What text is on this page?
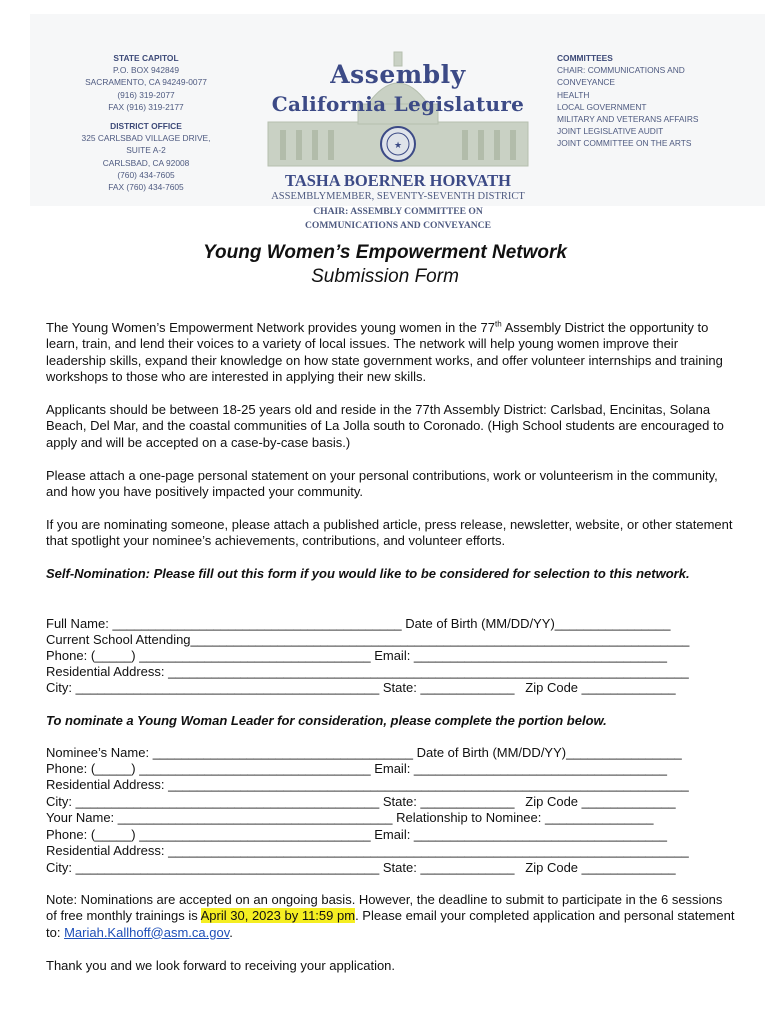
STATE CAPITOL
P.O. BOX 942849
SACRAMENTO, CA 94249-0077
(916) 319-2077
FAX (916) 319-2177
DISTRICT OFFICE
325 CARLSBAD VILLAGE DRIVE,
SUITE A-2
CARLSBAD, CA 92008
(760) 434-7605
FAX (760) 434-7605
★
Assembly
California Legislature
TASHA BOERNER HORVATH
ASSEMBLYMEMBER, SEVENTY-SEVENTH DISTRICT
CHAIR: ASSEMBLY COMMITTEE ON
COMMUNICATIONS AND CONVEYANCE
COMMITTEES
CHAIR: COMMUNICATIONS AND
CONVEYANCE
HEALTH
LOCAL GOVERNMENT
MILITARY AND VETERANS AFFAIRS
JOINT LEGISLATIVE AUDIT
JOINT COMMITTEE ON THE ARTS
Young Women’s Empowerment Network
Submission Form
The Young Women’s Empowerment Network provides young women in the 77th Assembly District the opportunity to learn, train, and lend their voices to a variety of local issues. The network will help young women improve their leadership skills, expand their knowledge on how state government works, and offer volunteer internships and training workshops to those who are interested in applying their new skills.
Applicants should be between 18-25 years old and reside in the 77th Assembly District: Carlsbad, Encinitas, Solana Beach, Del Mar, and the coastal communities of La Jolla south to Coronado. (High School students are encouraged to apply and will be accepted on a case-by-case basis.)
Please attach a one-page personal statement on your personal contributions, work or volunteerism in the community, and how you have positively impacted your community.
If you are nominating someone, please attach a published article, press release, newsletter, website, or other statement that spotlight your nominee’s achievements, contributions, and volunteer efforts.
Self-Nomination: Please fill out this form if you would like to be considered for selection to this network.
Full Name: ________________________________________ Date of Birth (MM/DD/YY)________________
Current School Attending_____________________________________________________________________
Phone: (_____) ________________________________ Email: ___________________________________
Residential Address: ________________________________________________________________________
City: __________________________________________ State: _____________   Zip Code _____________
To nominate a Young Woman Leader for consideration, please complete the portion below.
Nominee’s Name: ____________________________________ Date of Birth (MM/DD/YY)________________
Phone: (_____) ________________________________ Email: ___________________________________
Residential Address: ________________________________________________________________________
City: __________________________________________ State: _____________   Zip Code _____________
Your Name: ______________________________________ Relationship to Nominee: _______________
Phone: (_____) ________________________________ Email: ___________________________________
Residential Address: ________________________________________________________________________
City: __________________________________________ State: _____________   Zip Code _____________
Note: Nominations are accepted on an ongoing basis. However, the deadline to submit to participate in the 6 sessions of free monthly trainings is April 30, 2023 by 11:59 pm. Please email your completed application and personal statement to: Mariah.Kallhoff@asm.ca.gov.
Thank you and we look forward to receiving your application.
